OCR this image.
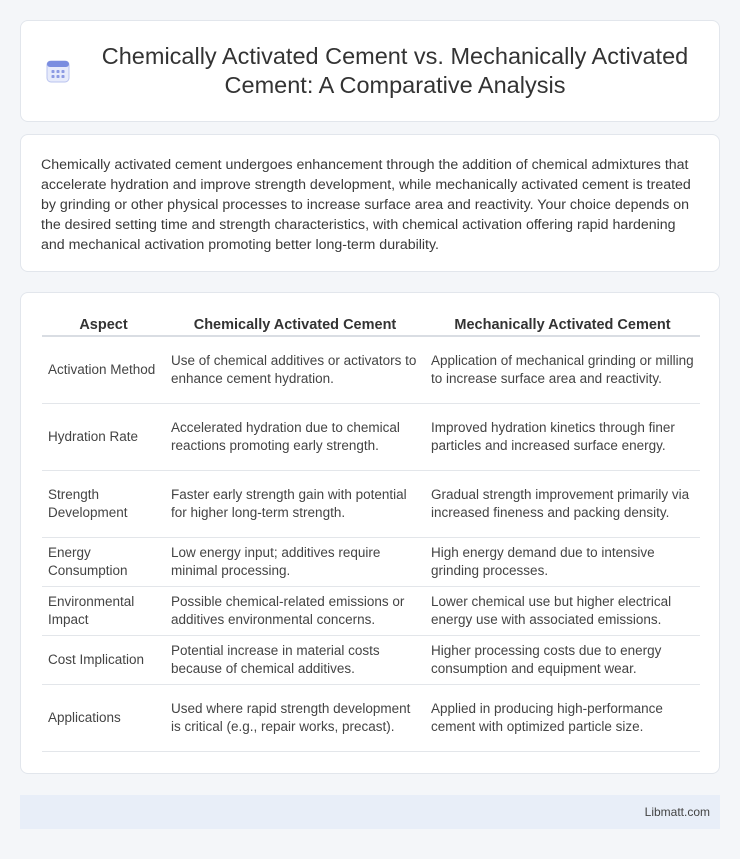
Chemically Activated Cement vs. Mechanically Activated Cement: A Comparative Analysis

Chemically activated cement undergoes enhancement through the addition of chemical admixtures that accelerate hydration and improve strength development, while mechanically activated cement is treated by grinding or other physical processes to increase surface area and reactivity. Your choice depends on the desired setting time and strength characteristics, with chemical activation offering rapid hardening and mechanical activation promoting better long-term durability.

Aspect	Chemically Activated Cement	Mechanically Activated Cement
Activation Method	Use of chemical additives or activators to enhance cement hydration.	Application of mechanical grinding or milling to increase surface area and reactivity.
Hydration Rate	Accelerated hydration due to chemical reactions promoting early strength.	Improved hydration kinetics through finer particles and increased surface energy.
Strength Development	Faster early strength gain with potential for higher long-term strength.	Gradual strength improvement primarily via increased fineness and packing density.
Energy Consumption	Low energy input; additives require minimal processing.	High energy demand due to intensive grinding processes.
Environmental Impact	Possible chemical-related emissions or additives environmental concerns.	Lower chemical use but higher electrical energy use with associated emissions.
Cost Implication	Potential increase in material costs because of chemical additives.	Higher processing costs due to energy consumption and equipment wear.
Applications	Used where rapid strength development is critical (e.g., repair works, precast).	Applied in producing high-performance cement with optimized particle size.
Libmatt.com
